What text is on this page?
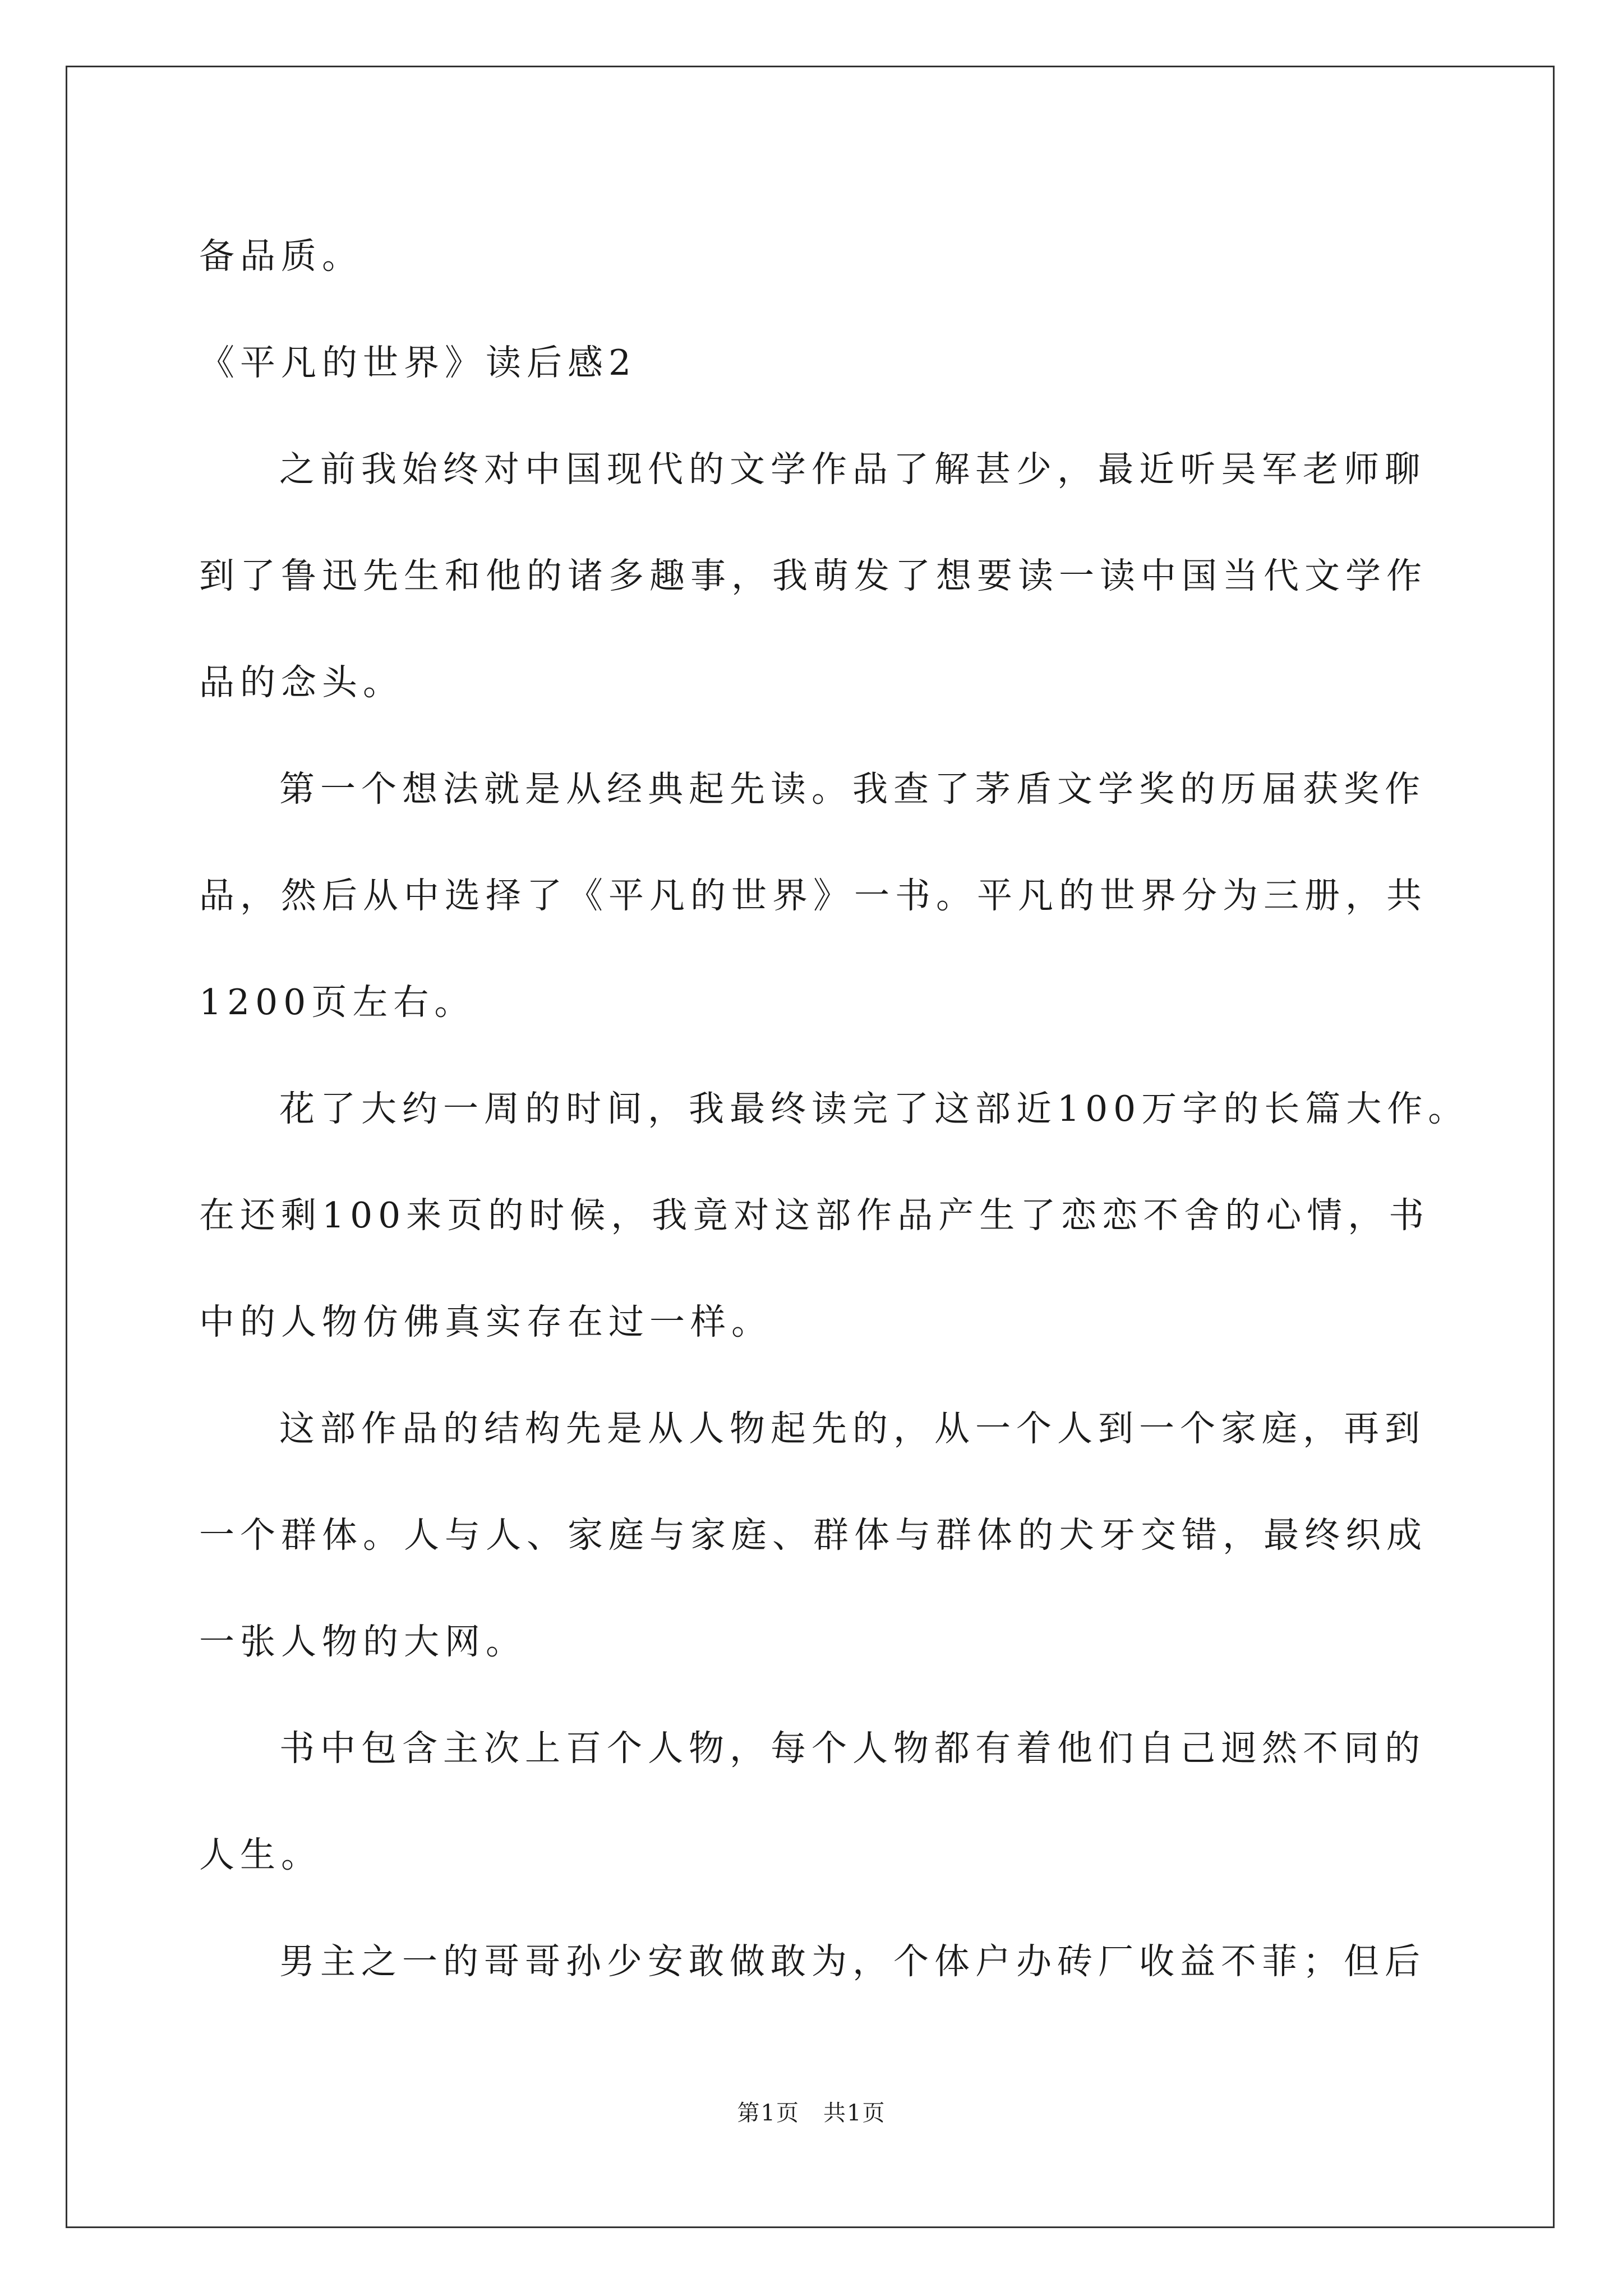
备品质。
《平凡的世界》读后感2
之前我始终对中国现代的文学作品了解甚少，最近听吴军老师聊
到了鲁迅先生和他的诸多趣事，我萌发了想要读一读中国当代文学作
品的念头。
第一个想法就是从经典起先读。我查了茅盾文学奖的历届获奖作
品，然后从中选择了《平凡的世界》一书。平凡的世界分为三册，共
1200页左右。
花了大约一周的时间，我最终读完了这部近100万字的长篇大作。
在还剩100来页的时候，我竟对这部作品产生了恋恋不舍的心情，书
中的人物仿佛真实存在过一样。
这部作品的结构先是从人物起先的，从一个人到一个家庭，再到
一个群体。人与人、家庭与家庭、群体与群体的犬牙交错，最终织成
一张人物的大网。
书中包含主次上百个人物，每个人物都有着他们自己迥然不同的
人生。
男主之一的哥哥孙少安敢做敢为，个体户办砖厂收益不菲；但后
第1页　共1页
